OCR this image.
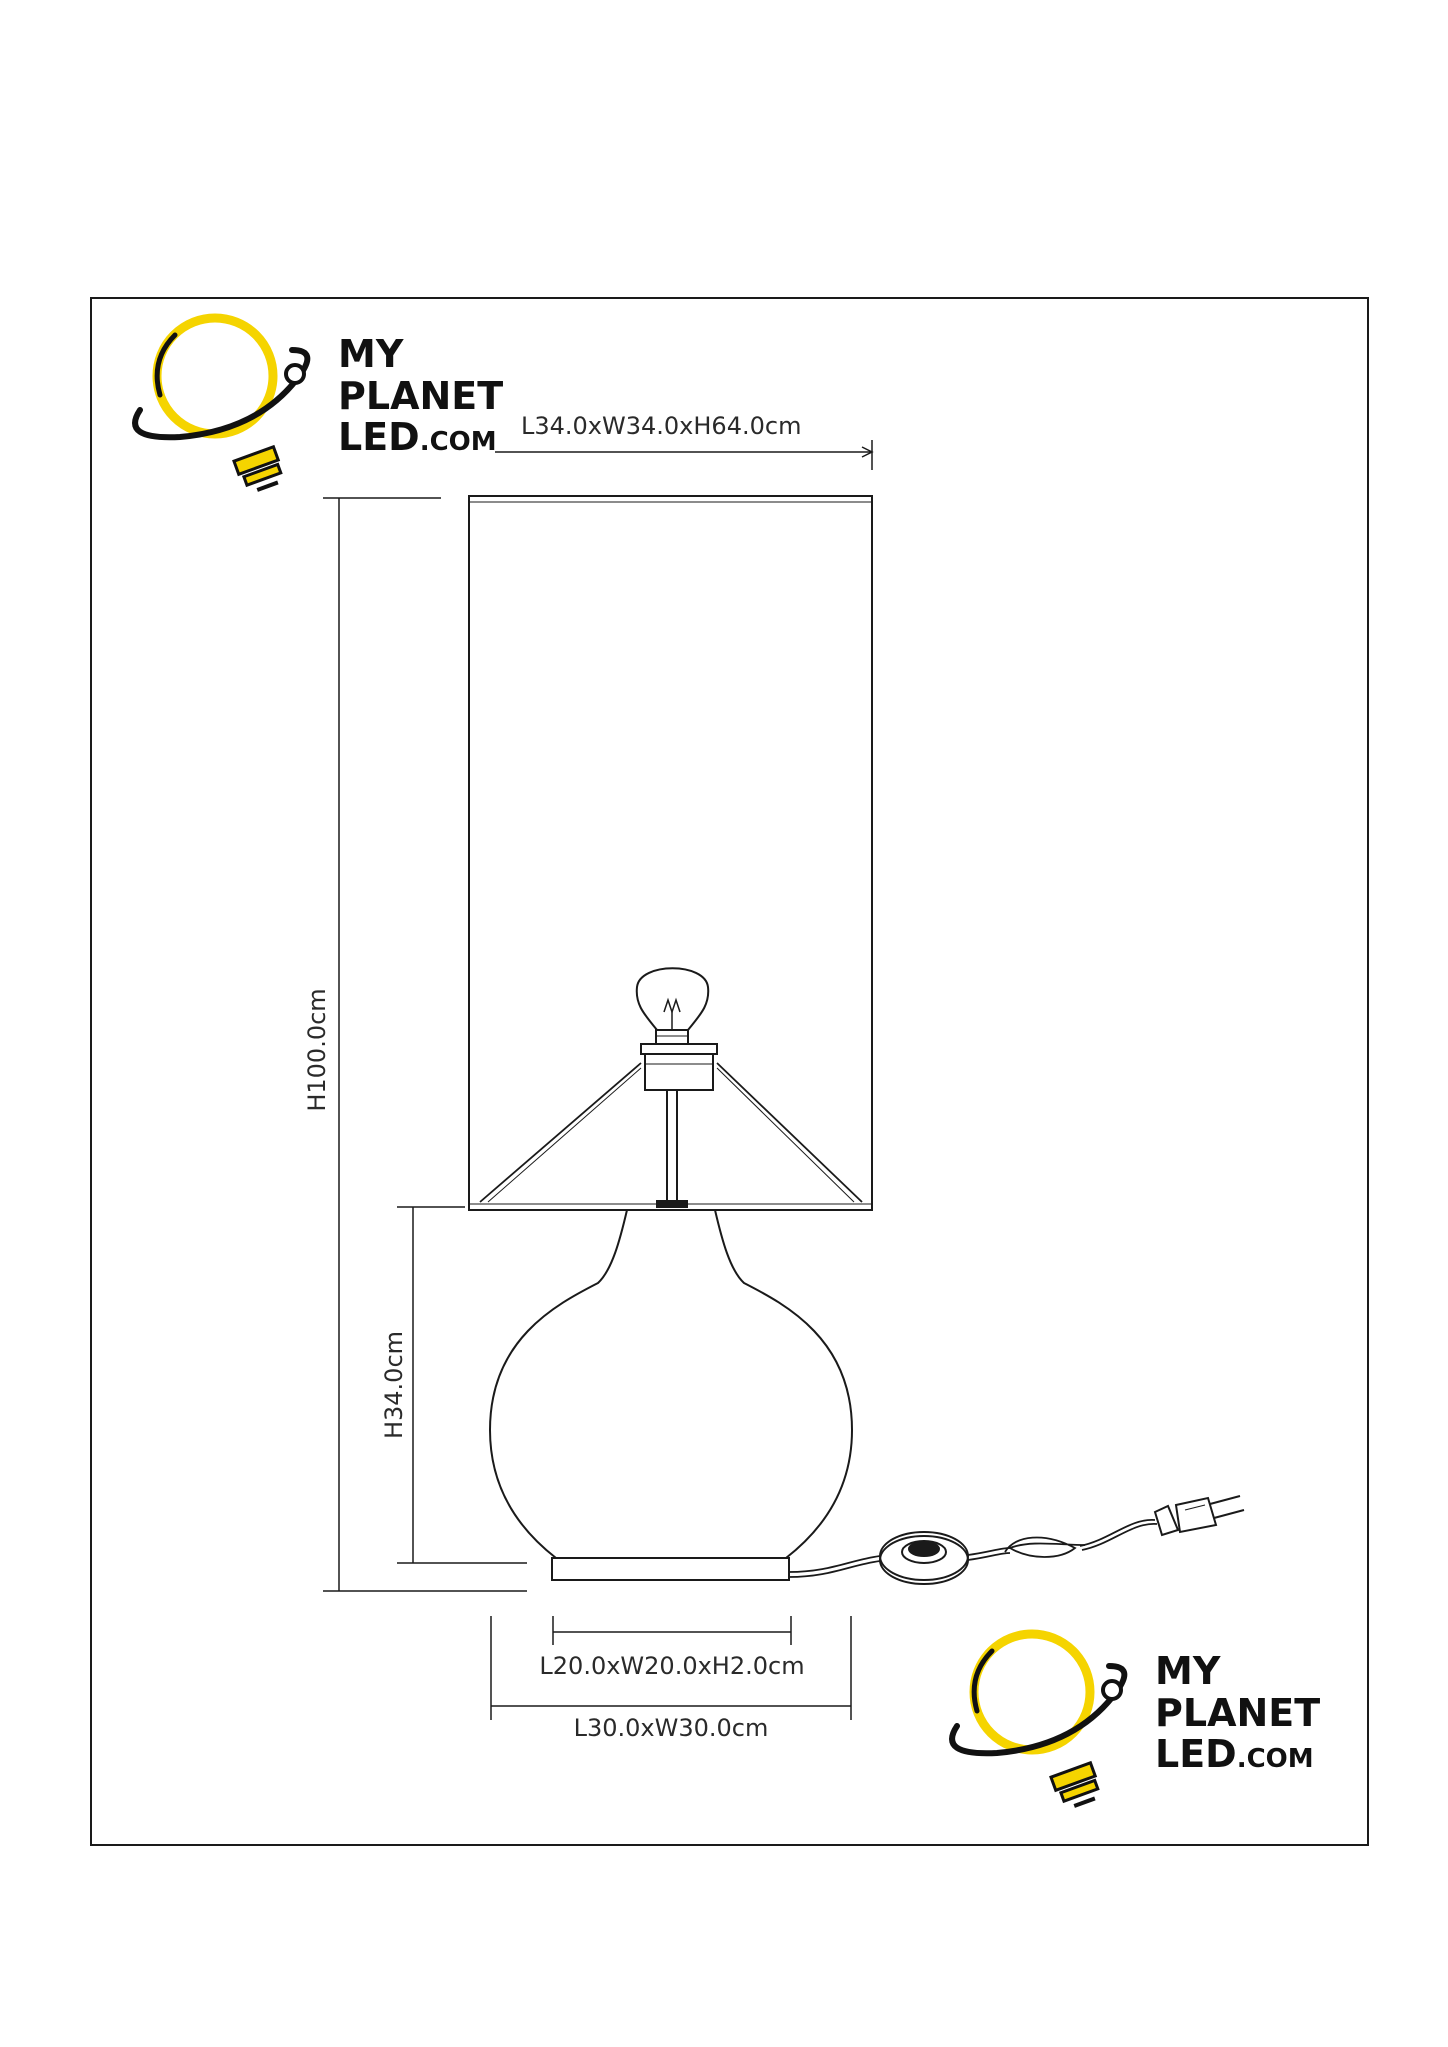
MY
PLANET
LED.COM
L34.0xW34.0xH64.0cm
H100.0cm
H34.0cm
L20.0xW20.0xH2.0cm
L30.0xW30.0cm
MY
PLANET
LED.COM
